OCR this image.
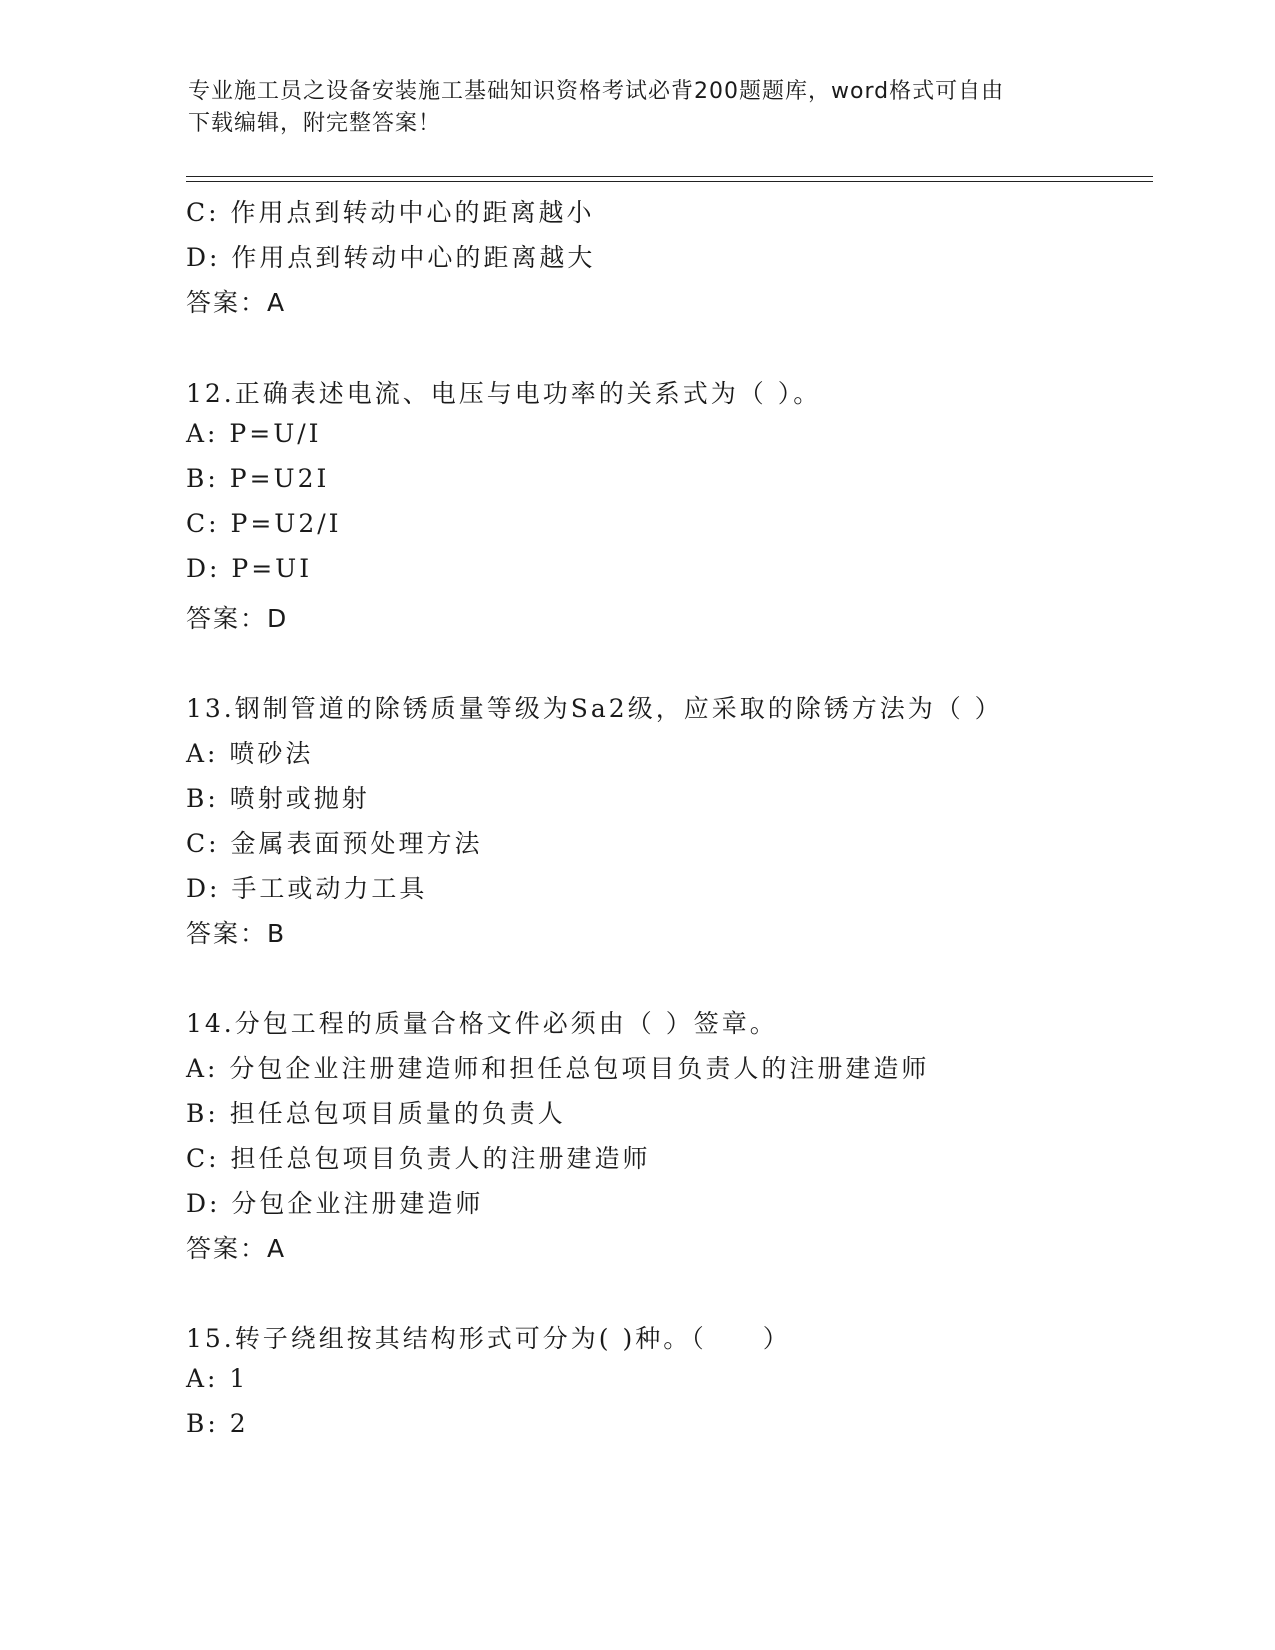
专业施工员之设备安装施工基础知识资格考试必背200题题库，word格式可自由
下载编辑，附完整答案！
C: 作用点到转动中心的距离越小
D: 作用点到转动中心的距离越大
答案：A
12.正确表述电流、电压与电功率的关系式为（ ）。
A: P=U/I
B: P=U2I
C: P=U2/I
D: P=UI
答案：D
13.钢制管道的除锈质量等级为Sa2级，应采取的除锈方法为（ ）
A: 喷砂法
B: 喷射或抛射
C: 金属表面预处理方法
D: 手工或动力工具
答案：B
14.分包工程的质量合格文件必须由（ ）签章。
A: 分包企业注册建造师和担任总包项目负责人的注册建造师
B: 担任总包项目质量的负责人
C: 担任总包项目负责人的注册建造师
D: 分包企业注册建造师
答案：A
15.转子绕组按其结构形式可分为( )种。（　　）
A: 1
B: 2
